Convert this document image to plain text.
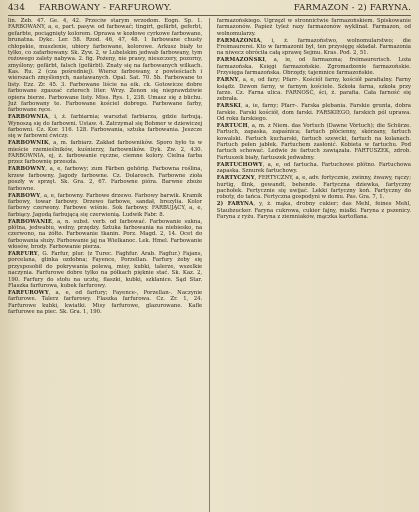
434 FARBOWANY - FARFUROWY.	FARMAZON - 2) FARYNA.

lin. Zeb. 47. Ge. 4, 42. Przeciw starym wrzodom. Eogn. Sp. 1. FARBOWANY, a, e, part. pasyw. od farbować; tingirt, gefärbt, geferbt, gefarbte, pociągnięty kolorem. Oprawa w kozłowe cyrkowe farbowane, brunatna. Dykc. Ler. 58. Rzod. 46, 47, 48. 1 farbowane chusty chłopskie, muszlenie, ubiory farbowane, kolorowe. Arkusz biały to tylko, co zafarbowany. Sk. Zyw. 2, w Lubelskim jedwab farbowany, tym rożowego zalety nabywa. 2. fig. Pożeny, nie prawy, nieszczery, pozorny, zmyślony; gefärbt, falsch (gefärbt). Znaty się na farbowanych wilkach. Kas. Ru. 2 (cza pośredniej). Wiersz farbowany, z powieściach i wierszach zmyślonych, nastawanych. Opal. Sat. 70. 5b. Farbowane to listy. Ezz. Zr. 45. 3. Farbowane liście na eik. ck. Gotowicze dobre farbowane zgaszać czterech liter. Wrzy. Zenon się nieprawdziwie opiera bierze. Farbowane listy. Miss. Rys. 1, 238. Umasz się z blichu. Już farbowany te. Farbowane kościel dobrego. Farbowane farby, farbowane ręce.

FARBOWNIA, i, ż. farbiarnia; warsztat farbiarza, gdzie farbują. Wynoszą się do farbowni. Ustaw. 4. Zatrzymał się Bohmer w dziewiczej farbowni. Cz. Kor. 116. 128. Farbowania, sztuka farbowania. Jeszcze się w farbowni ćwiczy.

FARBOWNIK, a, m. farbiarz. Zakład farbowników. Sporo było tu w mieście rzemieślników, kuśnierzy, farbowników. Dyk. Zw. 2, 430. FARBOWNIA, ej, ż. farbowanie ręczne, ciemne kolory. Cielna farba przez farbownię przeszła.

FARBOWNY, a, e, farbowy; zum Färben gehörig. Farbowna roślina, krzew farbowny. Jagody farbowne. Cz. Dolarosch. Farbowne zioła poszły w sprzęt. Sk. Gra. 2, 67. Farbowne pióra. Barwne zboże farbowne.

FARBOWY, a, e, farbowny. Farbowe drzewo. Farbowy barwik. Kramik farbowy, towar farbowy. Drzewo farbowe, sandał, brezylia. Kolor farbowy czerwony. Farbowe wiśnie. Sok farbowy. FARBUJĄCY, a, e, farbiący. Jagodą farbującą się czerwienią. Ludwik Fabr. 8.

FARBOWANIE, a, n. subst. verb. od farbować. Farbowanie sukna, płótna, jedwabiu, wełny, przędzy. Sztuka farbowania na niebiesko, na czerwono, na żółto. Farbowanie tkanin. Porz. Magd. 2, 14. Ocet do farbowania służy. Farbowanie jaj na Wielkanoc. Lek. Hmel. Farbowanie włosów, brody. Farbowanie pierza.

FARFURY, G. Farfur, plur. (z Turec. Faghfur. Arab. Fagfur.) Fajans, porcelana, glinka ozdobna; Fayence, Porzellan. Farfury żeby się przysposobił do pokrywania polewą, misy, kubki, talerze, wszelkie naczynia. Farfurowe dobre tylko na półkach pięknie stać. Sk. Kaz. 2, 190. Farfury do stołu na ucztę, flaszki, kubki, szklanice. Sąd Star. Flaszka farfurowa, kubek farfurowy.

FARFUROWY, a, e, od farfury; Fayence-, Porzellan-. Naczynie farfurowe. Talerz farfurowy. Flaszka farfurowa. Cz. Zr. 1, 24. Farfurowe kubki, kwiatki. Misy farfurowe, glazurowane. Kafle farfurowe na piec. Sk. Gra. 1, 190.

farmazońskiego. Ugrzęzł w stronnictwie farmazońskiem. Spiskowanie farmazonów. Papież tyleż razy farmazonów wyklinał. Farmazon, od wolnomularzy.

FARMAZONIA, i, ż. farmazoństwo, wolnomularstwo; die Freimaurerei. Kto w farmazonii był, ten przysięgę składał. Farmazonia na niwecz obróciła całą sprawę Sejmu. Kras. Pod. 2, 51.

FARMAZOŃSKI, a, ie, od farmazona; freimaurerisch. Loża farmazońska. Księgi farmazońskie. Zgromadzenie farmazońskie. Przysięga farmazońska. Obrzędy, tajemnice farmazońskie.

FARNY, a, e, od fary; Pfarr-. Kościół farny, kościół parafialny. Farny ksiądz. Dzwon farny, w farnym kościele. Szkoła farna, szkoła przy farze. Cz. Farna ulica. FARNOŚĆ, ści, ż. parafia. Cała farność się zebrała.

FARSKI, a, ie, farny; Pfarr-. Farska plebania. Farskie grunta, dobra farskie. Farski kościół, dom farski. FARSKIEGO, farskich pól uprawa. Od roku farskiego.

FARTUCH, a, m. z Niem. das Vortuch (Dawne Vörtuch); die Schürze. Fartuch, zapaska, zapaśnica; fartuch płócienny, skórzany, fartuch kowalski. Fartuch kucharski, fartuch szewcki, fartuch na kolanach. Fartuch pełen jabłek. Fartuchem zasłonić. Kobieta w fartuchu. Pod fartuch schować. Ledwie że fartuch zawiązała. FARTUSZEK, zdrob. Fartuszek biały, fartuszek jedwabny.

FARTUCHOWY, a, e, od fartucha. Fartuchowe płótno. Fartuchowa zapaska. Sznurek fartuchowy.

FARTYCZNY, FERTYCZNY, a, e, adv. fortycznie, zwinny, żwawy, rączy; hurtig, flink, gewandt, behende. Fartyczna dziewka, fartyczny pachołek. Fertycznie się uwijać. Lekki fartyczny koń. Fartyczny do roboty, do tańca. Fertyczna gospodyni w domu. Pas. Gra. 7, 1.

2) FARYNA, y, ż. mąka, drobny cukier; das Mehl, feines Mehl, Staubzucker. Faryna cukrowa, cukier fajny, miałki. Faryna z pszenicy. Faryna z ryżu. Faryna z ziemniaków, mączka kartoflana.
